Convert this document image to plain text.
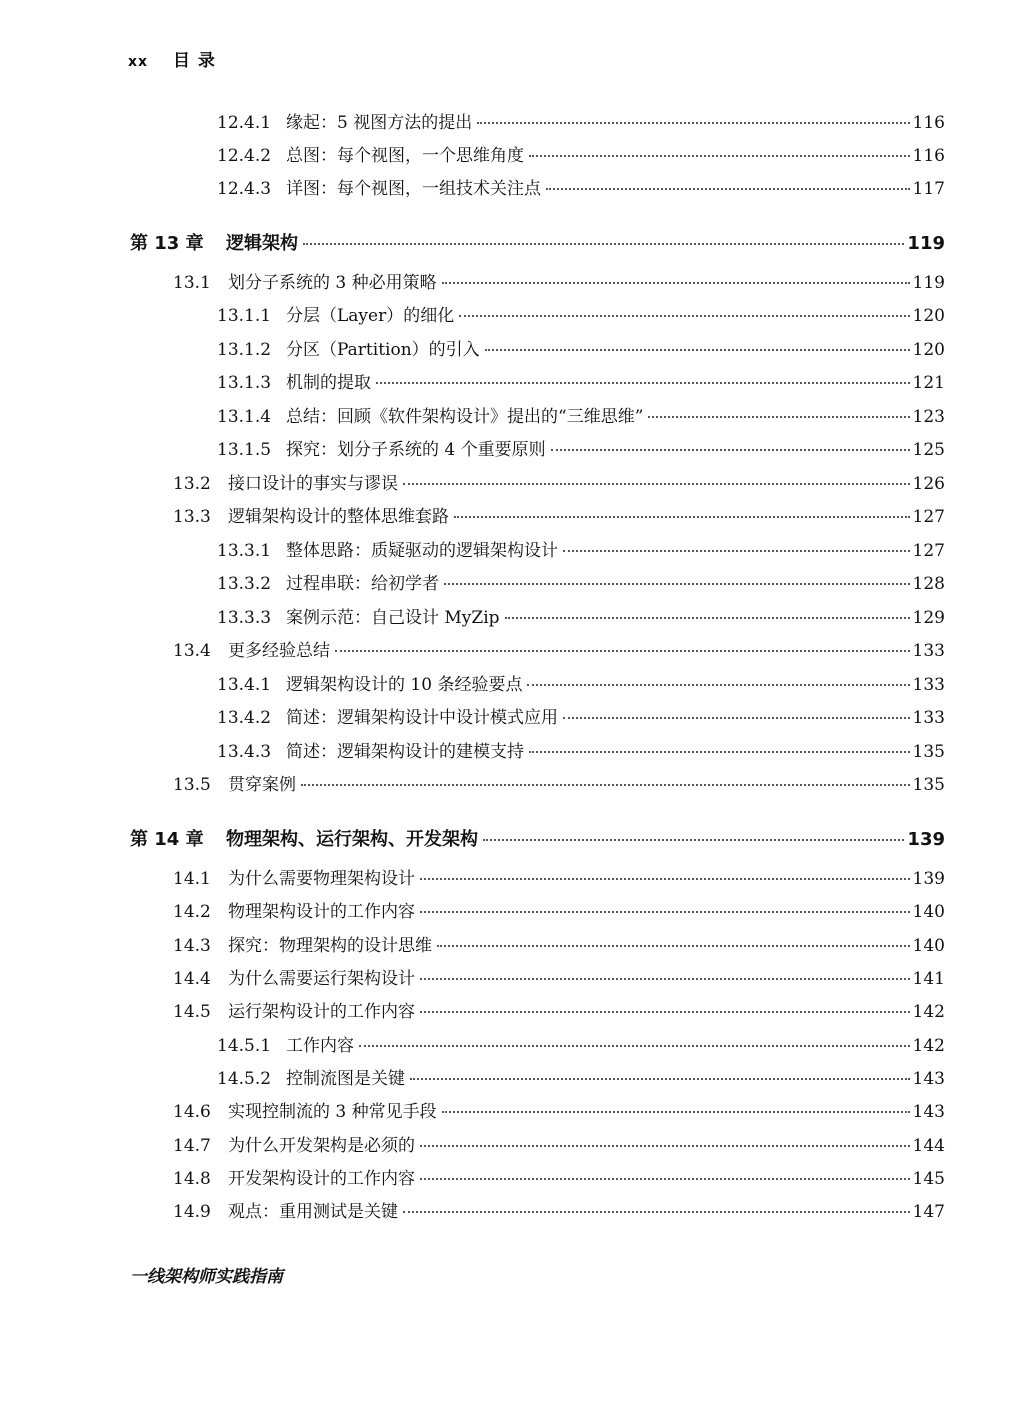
xx 目 录
12.4.1 缘起：5 视图方法的提出	116
12.4.2 总图：每个视图，一个思维角度	116
12.4.3 详图：每个视图，一组技术关注点	117
第 13 章	逻辑架构	119
13.1	划分子系统的 3 种必用策略	119
13.1.1 分层（Layer）的细化	120
13.1.2 分区（Partition）的引入	120
13.1.3 机制的提取	121
13.1.4 总结：回顾《软件架构设计》提出的“三维思维”	123
13.1.5 探究：划分子系统的 4 个重要原则	125
13.2	接口设计的事实与谬误	126
13.3	逻辑架构设计的整体思维套路	127
13.3.1 整体思路：质疑驱动的逻辑架构设计	127
13.3.2 过程串联：给初学者	128
13.3.3 案例示范：自己设计 MyZip	129
13.4	更多经验总结	133
13.4.1 逻辑架构设计的 10 条经验要点	133
13.4.2 简述：逻辑架构设计中设计模式应用	133
13.4.3 简述：逻辑架构设计的建模支持	135
13.5	贯穿案例	135
第 14 章	物理架构、运行架构、开发架构	139
14.1	为什么需要物理架构设计	139
14.2	物理架构设计的工作内容	140
14.3	探究：物理架构的设计思维	140
14.4	为什么需要运行架构设计	141
14.5	运行架构设计的工作内容	142
14.5.1 工作内容	142
14.5.2 控制流图是关键	143
14.6	实现控制流的 3 种常见手段	143
14.7	为什么开发架构是必须的	144
14.8	开发架构设计的工作内容	145
14.9	观点：重用测试是关键	147
一线架构师实践指南
